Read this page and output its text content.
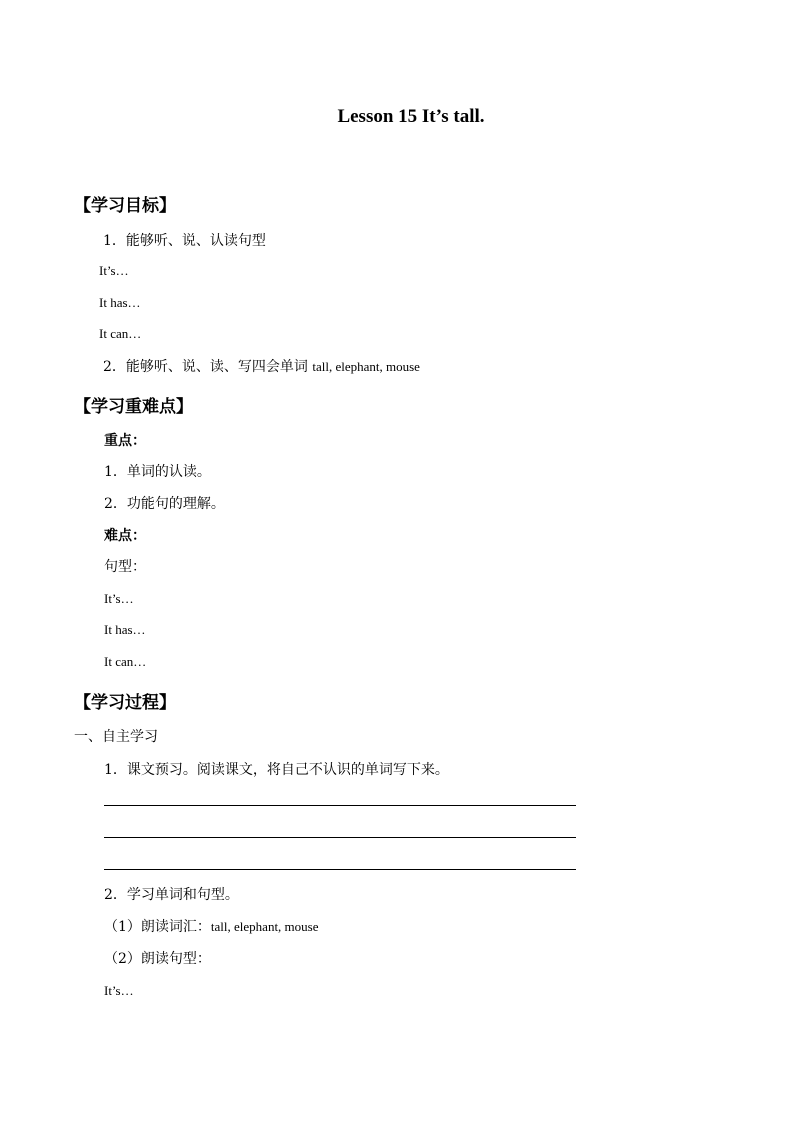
Lesson 15 It’s tall.
【学习目标】
1．能够听、说、认读句型
It’s…
It has…
It can…
2．能够听、说、读、写四会单词 tall, elephant, mouse
【学习重难点】
重点：
1．单词的认读。
2．功能句的理解。
难点：
句型：
It’s…
It has…
It can…
【学习过程】
一、自主学习
1．课文预习。阅读课文，将自己不认识的单词写下来。
2．学习单词和句型。
（1）朗读词汇：tall, elephant, mouse
（2）朗读句型：
It’s…
